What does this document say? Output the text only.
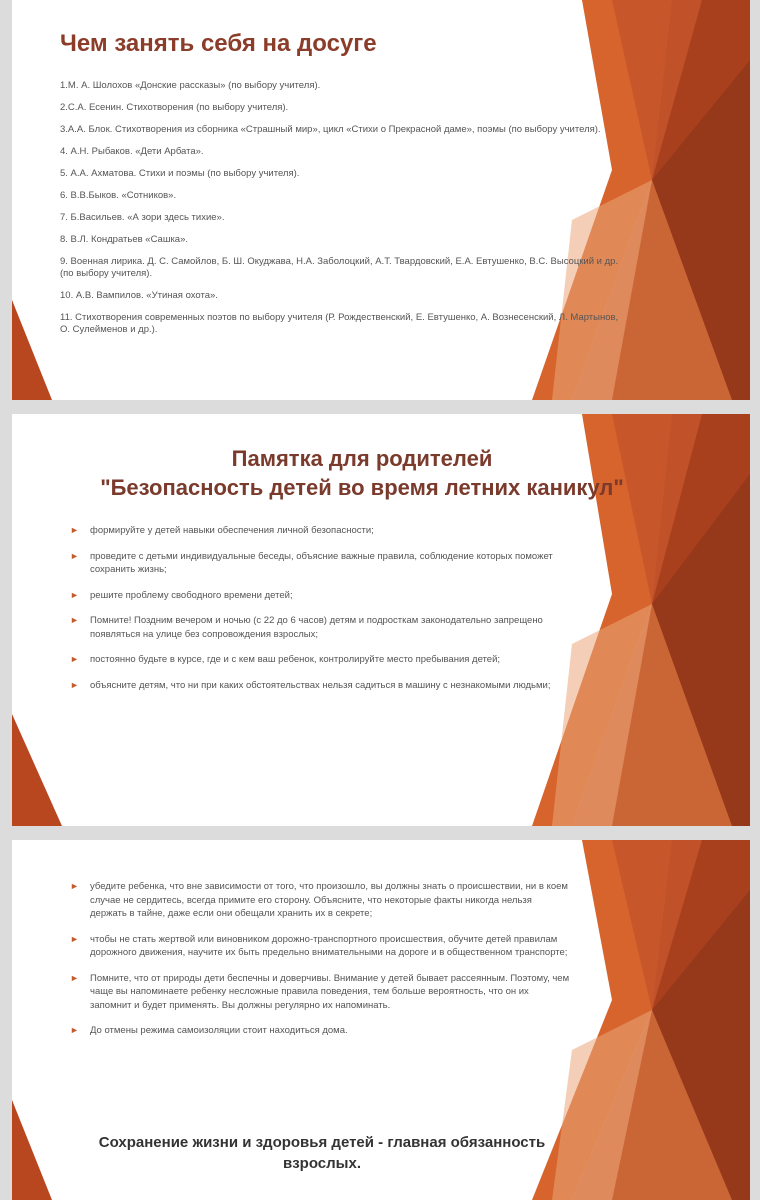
Чем занять себя на досуге
1.М. А. Шолохов «Донские рассказы» (по выбору учителя).
2.С.А. Есенин. Стихотворения (по выбору учителя).
3.А.А. Блок. Стихотворения из сборника «Страшный мир», цикл «Стихи о Прекрасной даме», поэмы (по выбору учителя).
4. А.Н. Рыбаков. «Дети Арбата».
5. А.А. Ахматова. Стихи и поэмы (по выбору учителя).
6. В.В.Быков. «Сотников».
7. Б.Васильев. «А зори здесь тихие».
8. В.Л. Кондратьев «Сашка».
9. Военная лирика. Д. С. Самойлов, Б. Ш. Окуджава, Н.А. Заболоцкий, А.Т. Твардовский, Е.А. Евтушенко, В.С. Высоцкий и др. (по выбору учителя).
10. А.В. Вампилов. «Утиная охота».
11. Стихотворения современных поэтов по выбору учителя (Р. Рождественский, Е. Евтушенко, А. Вознесенский, Л. Мартынов, О. Сулейменов и др.).
Памятка для родителей
"Безопасность детей во время летних каникул"
► формируйте у детей навыки обеспечения личной безопасности;
► проведите с детьми индивидуальные беседы, объясние важные правила, соблюдение которых поможет сохранить жизнь;
► решите проблему свободного времени детей;
► Помните! Поздним вечером и ночью (с 22 до 6 часов) детям и подросткам законодательно запрещено появляться на улице без сопровождения взрослых;
► постоянно будьте в курсе, где и с кем ваш ребенок, контролируйте место пребывания детей;
► объясните детям, что ни при каких обстоятельствах нельзя садиться в машину с незнакомыми людьми;
► убедите ребенка, что вне зависимости от того, что произошло, вы должны знать о происшествии, ни в коем случае не сердитесь, всегда примите его сторону. Объясните, что некоторые факты никогда нельзя держать в тайне, даже если они обещали хранить их в секрете;
► чтобы не стать жертвой или виновником дорожно-транспортного происшествия, обучите детей правилам дорожного движения, научите их быть предельно внимательными на дороге и в общественном транспорте;
► Помните, что от природы дети беспечны и доверчивы. Внимание у детей бывает рассеянным. Поэтому, чем чаще вы напоминаете ребенку несложные правила поведения, тем больше вероятность, что он их запомнит и будет применять. Вы должны регулярно их напоминать.
► До отмены режима самоизоляции стоит находиться дома.

Сохранение жизни и здоровья детей - главная обязанность взрослых.
